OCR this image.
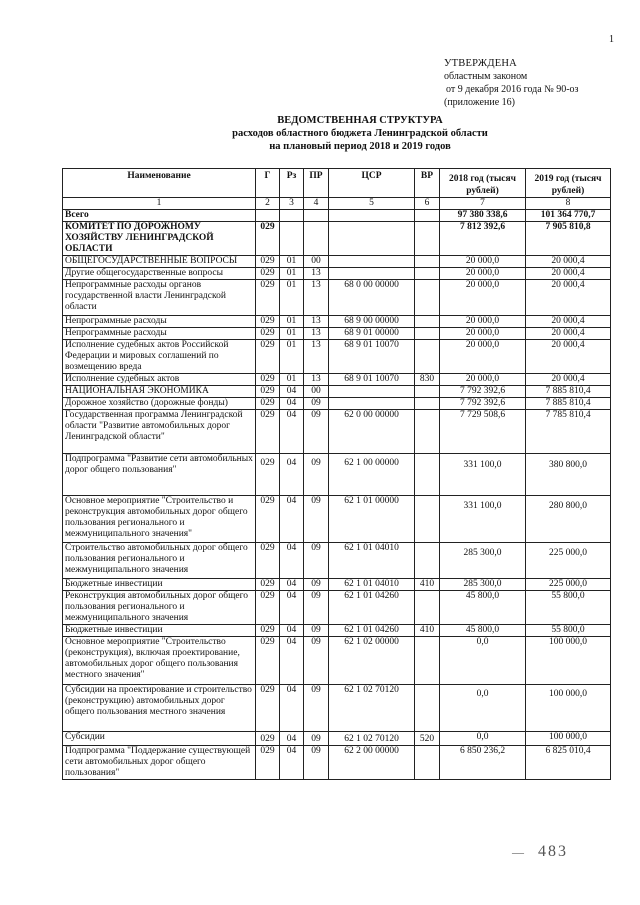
1
УТВЕРЖДЕНА
областным законом
от 9 декабря 2016 года № 90-оз
(приложение 16)
ВЕДОМСТВЕННАЯ СТРУКТУРА
расходов областного бюджета Ленинградской области
на плановый период 2018 и 2019 годов
Наименование	Г	Рз	ПР	ЦСР	ВР	2018 год (тысяч рублей)	2019 год (тысяч рублей)
1	2	3	4	5	6	7	8
Всего						97 380 338,6	101 364 770,7
КОМИТЕТ ПО ДОРОЖНОМУ ХОЗЯЙСТВУ ЛЕНИНГРАДСКОЙ ОБЛАСТИ	029					7 812 392,6	7 905 810,8
ОБЩЕГОСУДАРСТВЕННЫЕ ВОПРОСЫ	029	01	00			20 000,0	20 000,4
Другие общегосударственные вопросы	029	01	13			20 000,0	20 000,4
Непрограммные расходы органов государственной власти Ленинградской области	029	01	13	68 0 00 00000		20 000,0	20 000,4
Непрограммные расходы	029	01	13	68 9 00 00000		20 000,0	20 000,4
Непрограммные расходы	029	01	13	68 9 01 00000		20 000,0	20 000,4
Исполнение судебных актов Российской Федерации и мировых соглашений по возмещению вреда	029	01	13	68 9 01 10070		20 000,0	20 000,4
Исполнение судебных актов	029	01	13	68 9 01 10070	830	20 000,0	20 000,4
НАЦИОНАЛЬНАЯ ЭКОНОМИКА	029	04	00			7 792 392,6	7 885 810,4
Дорожное хозяйство (дорожные фонды)	029	04	09			7 792 392,6	7 885 810,4
Государственная программа Ленинградской области "Развитие автомобильных дорог Ленинградской области"	029	04	09	62 0 00 00000		7 729 508,6	7 785 810,4
Подпрограмма "Развитие сети автомобильных дорог общего пользования"	029	04	09	62 1 00 00000		331 100,0	380 800,0
Основное мероприятие "Строительство и реконструкция автомобильных дорог общего пользования регионального и межмуниципального значения"	029	04	09	62 1 01 00000		331 100,0	280 800,0
Строительство автомобильных дорог общего пользования регионального и межмуниципального значения	029	04	09	62 1 01 04010		285 300,0	225 000,0
Бюджетные инвестиции	029	04	09	62 1 01 04010	410	285 300,0	225 000,0
Реконструкция автомобильных дорог общего пользования регионального и межмуниципального значения	029	04	09	62 1 01 04260		45 800,0	55 800,0
Бюджетные инвестиции	029	04	09	62 1 01 04260	410	45 800,0	55 800,0
Основное мероприятие "Строительство (реконструкция), включая проектирование, автомобильных дорог общего пользования местного значения"	029	04	09	62 1 02 00000		0,0	100 000,0
Субсидии на проектирование и строительство (реконструкцию) автомобильных дорог общего пользования местного значения	029	04	09	62 1 02 70120		0,0	100 000,0
Субсидии	029	04	09	62 1 02 70120	520	0,0	100 000,0
Подпрограмма "Поддержание существующей сети автомобильных дорог общего пользования"	029	04	09	62 2 00 00000		6 850 236,2	6 825 010,4
— 483
